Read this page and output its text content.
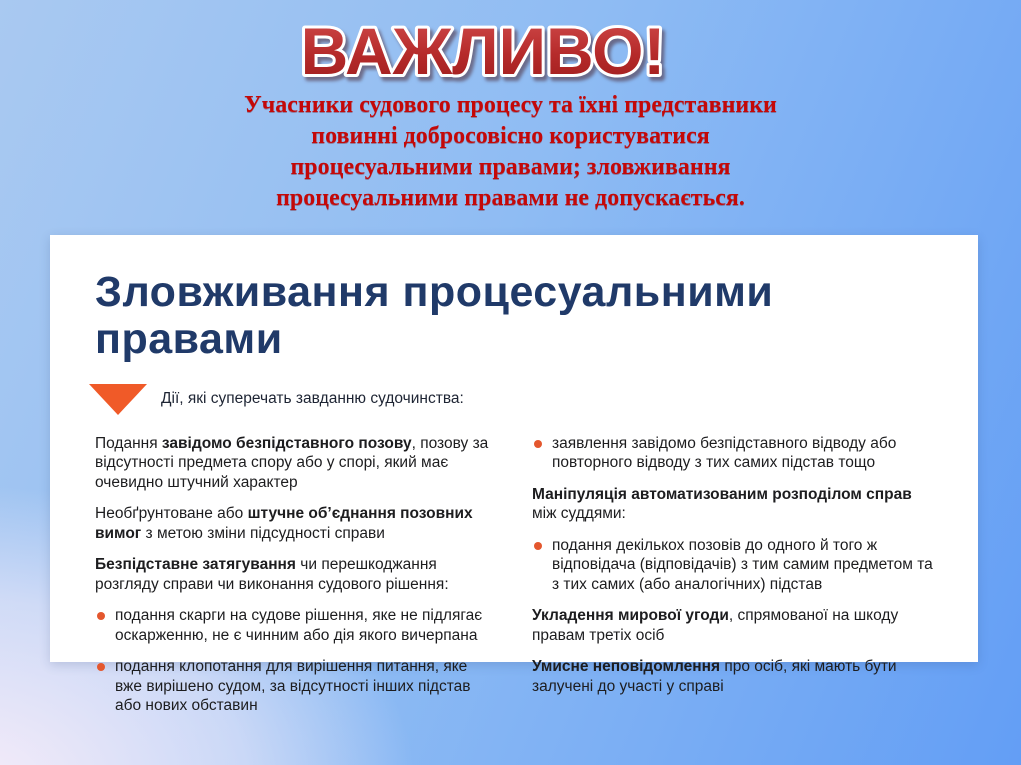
ВАЖЛИВО!
Учасники судового процесу та їхні представники
повинні добросовісно користуватися
процесуальними правами; зловживання
процесуальними правами не допускається.
Зловживання процесуальними правами
Дії, які суперечать завданню судочинства:
Подання завідомо безпідставного позову, позову за відсутності предмета спору або у спорі, який має очевидно штучний характер
Необґрунтоване або штучне об’єднання позовних вимог з метою зміни підсудності справи
Безпідставне затягування чи перешкоджання розгляду справи чи виконання судового рішення:
подання скарги на судове рішення, яке не підлягає оскарженню, не є чинним або дія якого вичерпана
подання клопотання для вирішення питання, яке вже вирішено судом, за відсутності інших підстав або нових обставин
заявлення завідомо безпідставного відводу або повторного відводу з тих самих підстав тощо
Маніпуляція автоматизованим розподілом справ між суддями:
подання декількох позовів до одного й того ж відповідача (відповідачів) з тим самим предметом та з тих самих (або аналогічних) підстав
Укладення мирової угоди, спрямованої на шкоду правам третіх осіб
Умисне неповідомлення про осіб, які мають бути залучені до участі у справі
